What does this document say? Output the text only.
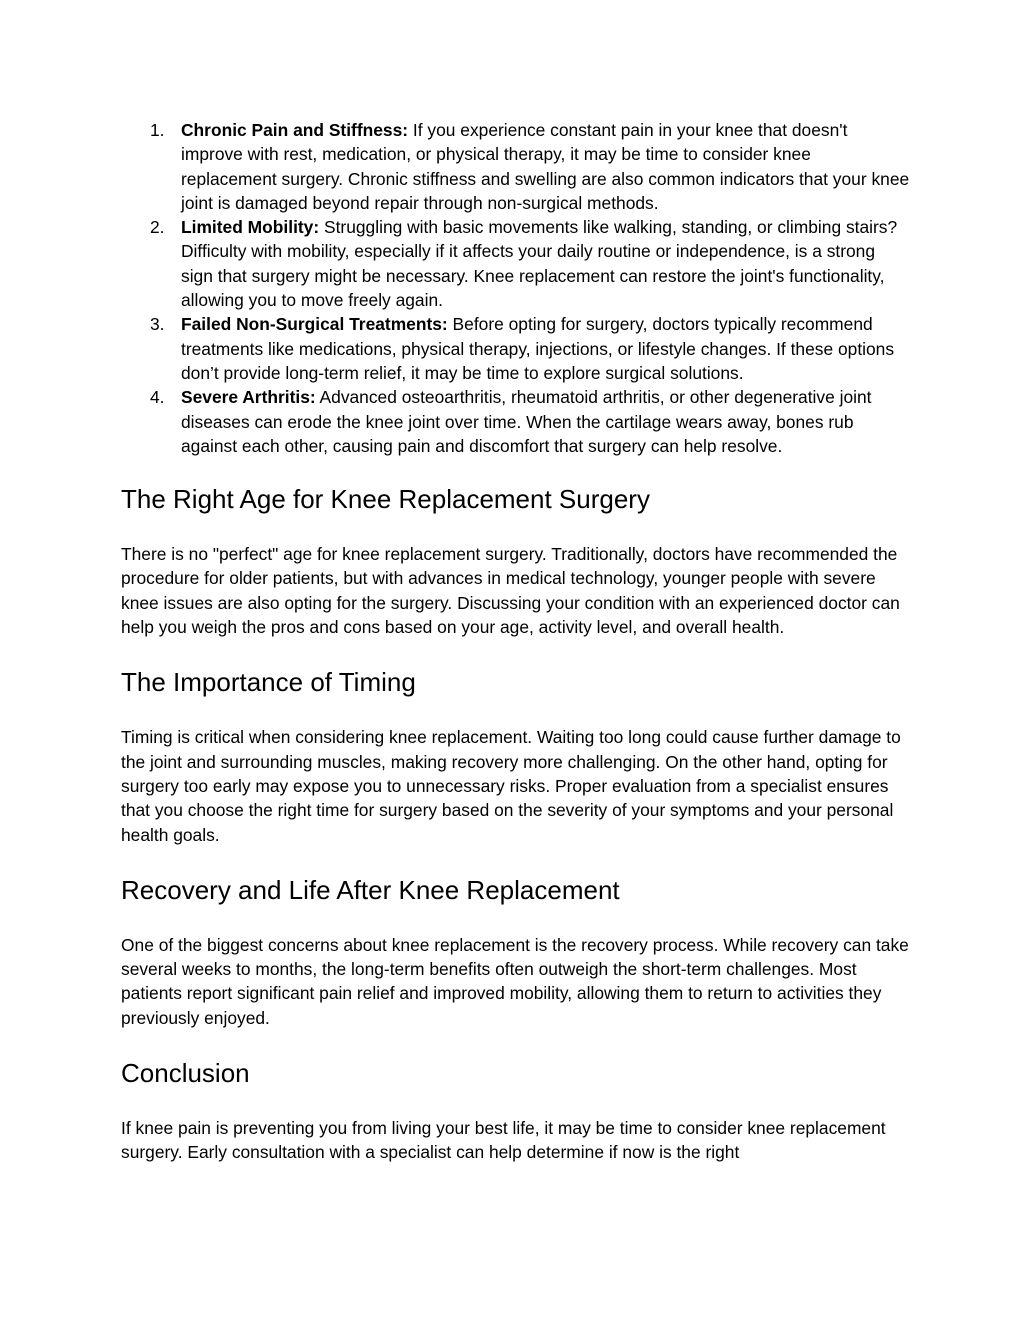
1. Chronic Pain and Stiffness: If you experience constant pain in your knee that doesn't improve with rest, medication, or physical therapy, it may be time to consider knee replacement surgery. Chronic stiffness and swelling are also common indicators that your knee joint is damaged beyond repair through non-surgical methods.
2. Limited Mobility: Struggling with basic movements like walking, standing, or climbing stairs? Difficulty with mobility, especially if it affects your daily routine or independence, is a strong sign that surgery might be necessary. Knee replacement can restore the joint's functionality, allowing you to move freely again.
3. Failed Non-Surgical Treatments: Before opting for surgery, doctors typically recommend treatments like medications, physical therapy, injections, or lifestyle changes. If these options don’t provide long-term relief, it may be time to explore surgical solutions.
4. Severe Arthritis: Advanced osteoarthritis, rheumatoid arthritis, or other degenerative joint diseases can erode the knee joint over time. When the cartilage wears away, bones rub against each other, causing pain and discomfort that surgery can help resolve.
The Right Age for Knee Replacement Surgery

There is no "perfect" age for knee replacement surgery. Traditionally, doctors have recommended the procedure for older patients, but with advances in medical technology, younger people with severe knee issues are also opting for the surgery. Discussing your condition with an experienced doctor can help you weigh the pros and cons based on your age, activity level, and overall health.

The Importance of Timing

Timing is critical when considering knee replacement. Waiting too long could cause further damage to the joint and surrounding muscles, making recovery more challenging. On the other hand, opting for surgery too early may expose you to unnecessary risks. Proper evaluation from a specialist ensures that you choose the right time for surgery based on the severity of your symptoms and your personal health goals.

Recovery and Life After Knee Replacement

One of the biggest concerns about knee replacement is the recovery process. While recovery can take several weeks to months, the long-term benefits often outweigh the short-term challenges. Most patients report significant pain relief and improved mobility, allowing them to return to activities they previously enjoyed.

Conclusion

If knee pain is preventing you from living your best life, it may be time to consider knee replacement surgery. Early consultation with a specialist can help determine if now is the right
